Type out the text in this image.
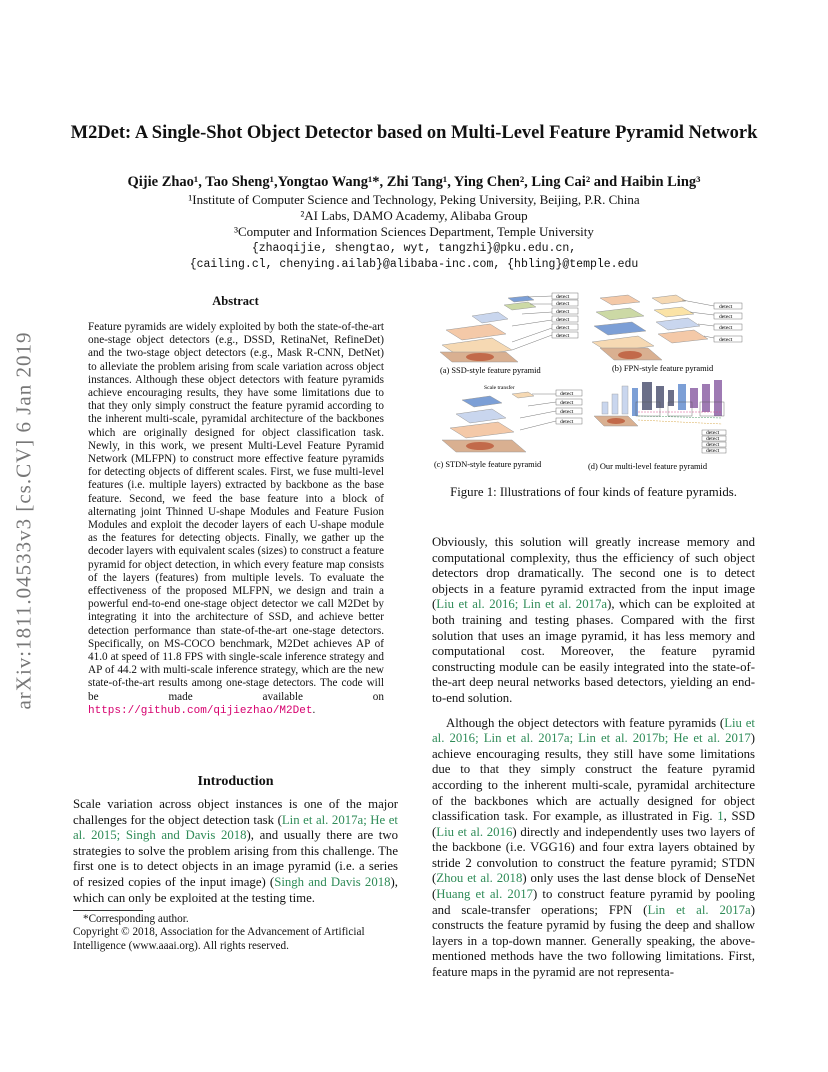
M2Det: A Single-Shot Object Detector based on Multi-Level Feature Pyramid Network
Qijie Zhao¹, Tao Sheng¹,Yongtao Wang¹*, Zhi Tang¹, Ying Chen², Ling Cai² and Haibin Ling³
¹Institute of Computer Science and Technology, Peking University, Beijing, P.R. China
²AI Labs, DAMO Academy, Alibaba Group
³Computer and Information Sciences Department, Temple University
{zhaoqijie, shengtao, wyt, tangzhi}@pku.edu.cn,
{cailing.cl, chenying.ailab}@alibaba-inc.com, {hbling}@temple.edu
arXiv:1811.04533v3 [cs.CV] 6 Jan 2019
Abstract
Feature pyramids are widely exploited by both the state-of-the-art one-stage object detectors (e.g., DSSD, RetinaNet, RefineDet) and the two-stage object detectors (e.g., Mask R-CNN, DetNet) to alleviate the problem arising from scale variation across object instances. Although these object detectors with feature pyramids achieve encouraging results, they have some limitations due to that they only simply construct the feature pyramid according to the inherent multi-scale, pyramidal architecture of the backbones which are originally designed for object classification task. Newly, in this work, we present Multi-Level Feature Pyramid Network (MLFPN) to construct more effective feature pyramids for detecting objects of different scales. First, we fuse multi-level features (i.e. multiple layers) extracted by backbone as the base feature. Second, we feed the base feature into a block of alternating joint Thinned U-shape Modules and Feature Fusion Modules and exploit the decoder layers of each U-shape module as the features for detecting objects. Finally, we gather up the decoder layers with equivalent scales (sizes) to construct a feature pyramid for object detection, in which every feature map consists of the layers (features) from multiple levels. To evaluate the effectiveness of the proposed MLFPN, we design and train a powerful end-to-end one-stage object detector we call M2Det by integrating it into the architecture of SSD, and achieve better detection performance than state-of-the-art one-stage detectors. Specifically, on MS-COCO benchmark, M2Det achieves AP of 41.0 at speed of 11.8 FPS with single-scale inference strategy and AP of 44.2 with multi-scale inference strategy, which are the new state-of-the-art results among one-stage detectors. The code will be made available on https://github.com/qijiezhao/M2Det.
Introduction

Scale variation across object instances is one of the major challenges for the object detection task (Lin et al. 2017a; He et al. 2015; Singh and Davis 2018), and usually there are two strategies to solve the problem arising from this challenge. The first one is to detect objects in an image pyramid (i.e. a series of resized copies of the input image) (Singh and Davis 2018), which can only be exploited at the testing time.

*Corresponding author.
Copyright © 2018, Association for the Advancement of Artificial Intelligence (www.aaai.org). All rights reserved.
detect
detect
detect
detect
detect
detect
(a) SSD-style feature pyramid
detect
detect
detect
detect
(b) FPN-style feature pyramid
Scale transfer
detect
detect
detect
detect
(c) STDN-style feature pyramid
detect
detect
detect
detect
(d) Our multi-level feature pyramid
Figure 1: Illustrations of four kinds of feature pyramids.

Obviously, this solution will greatly increase memory and computational complexity, thus the efficiency of such object detectors drop dramatically. The second one is to detect objects in a feature pyramid extracted from the input image (Liu et al. 2016; Lin et al. 2017a), which can be exploited at both training and testing phases. Compared with the first solution that uses an image pyramid, it has less memory and computational cost. Moreover, the feature pyramid constructing module can be easily integrated into the state-of-the-art deep neural networks based detectors, yielding an end-to-end solution.

Although the object detectors with feature pyramids (Liu et al. 2016; Lin et al. 2017a; Lin et al. 2017b; He et al. 2017) achieve encouraging results, they still have some limitations due to that they simply construct the feature pyramid according to the inherent multi-scale, pyramidal architecture of the backbones which are actually designed for object classification task. For example, as illustrated in Fig. 1, SSD (Liu et al. 2016) directly and independently uses two layers of the backbone (i.e. VGG16) and four extra layers obtained by stride 2 convolution to construct the feature pyramid; STDN (Zhou et al. 2018) only uses the last dense block of DenseNet (Huang et al. 2017) to construct feature pyramid by pooling and scale-transfer operations; FPN (Lin et al. 2017a) constructs the feature pyramid by fusing the deep and shallow layers in a top-down manner. Generally speaking, the above-mentioned methods have the two following limitations. First, feature maps in the pyramid are not representa-
